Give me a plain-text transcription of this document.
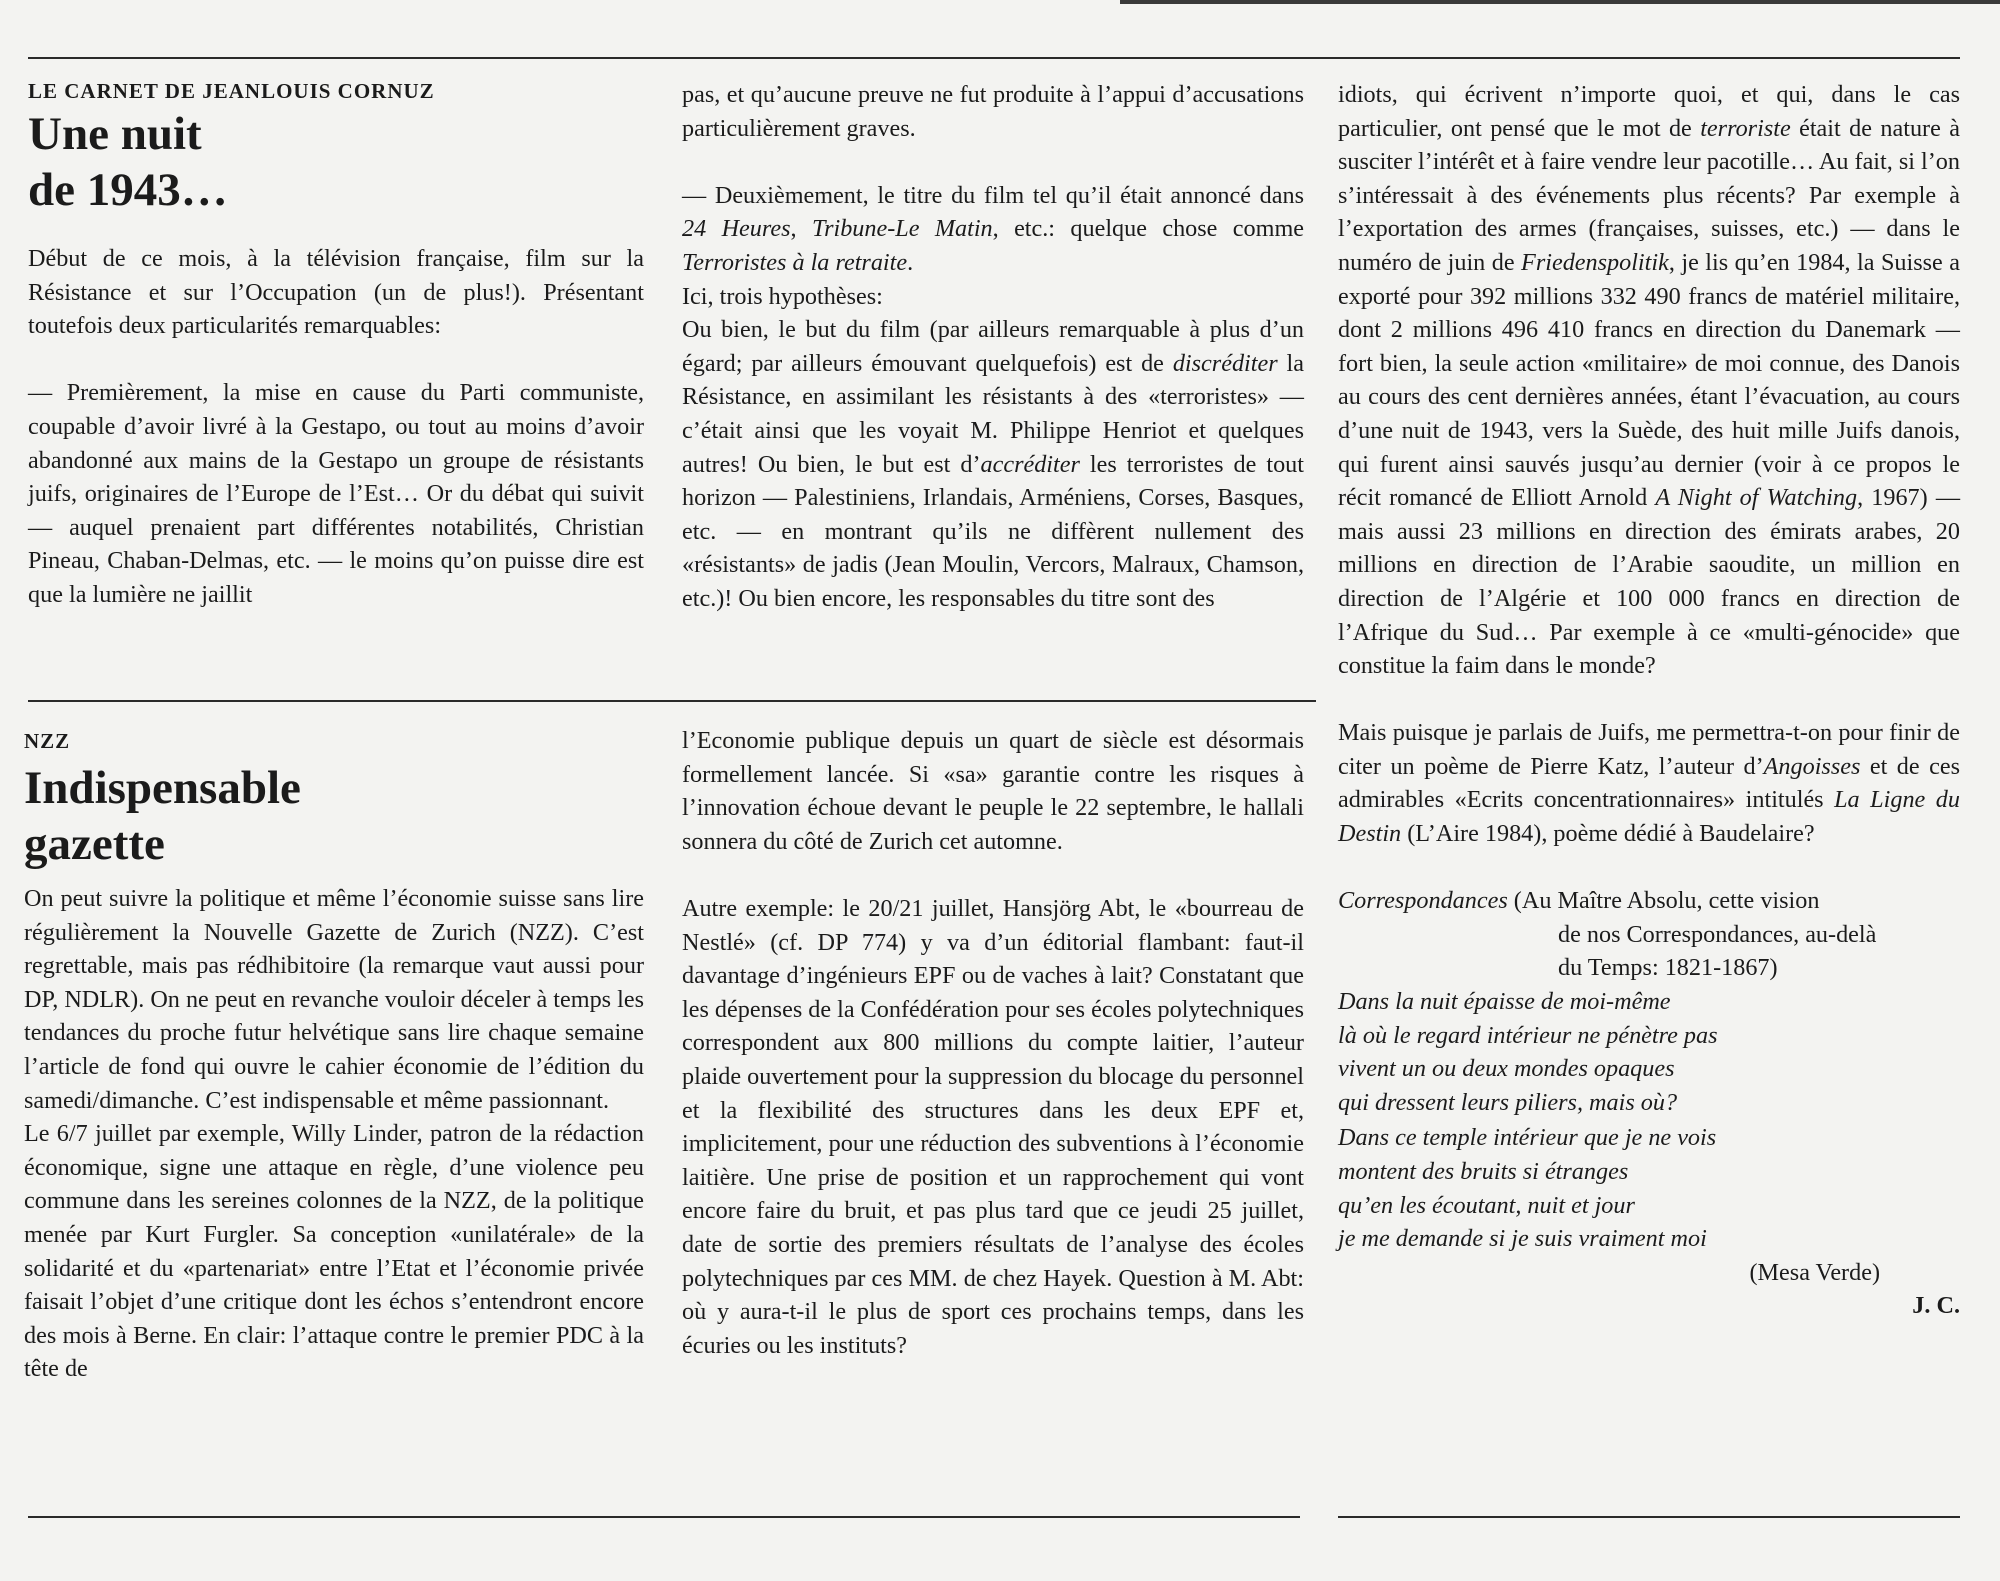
LE CARNET DE JEANLOUIS CORNUZ
Une nuit
de 1943…

Début de ce mois, à la télévision française, film sur la Résistance et sur l’Occupation (un de plus!). Présentant toutefois deux particularités remarquables:

— Premièrement, la mise en cause du Parti communiste, coupable d’avoir livré à la Gestapo, ou tout au moins d’avoir abandonné aux mains de la Gestapo un groupe de résistants juifs, originaires de l’Europe de l’Est… Or du débat qui suivit — auquel prenaient part différentes notabilités, Christian Pineau, Chaban-Delmas, etc. — le moins qu’on puisse dire est que la lumière ne jaillit

pas, et qu’aucune preuve ne fut produite à l’appui d’accusations particulièrement graves.

— Deuxièmement, le titre du film tel qu’il était annoncé dans 24 Heures, Tribune-Le Matin, etc.: quelque chose comme Terroristes à la retraite.

Ici, trois hypothèses:

Ou bien, le but du film (par ailleurs remarquable à plus d’un égard; par ailleurs émouvant quelquefois) est de discréditer la Résistance, en assimilant les résistants à des «terroristes» — c’était ainsi que les voyait M. Philippe Henriot et quelques autres! Ou bien, le but est d’accréditer les terroristes de tout horizon — Palestiniens, Irlandais, Arméniens, Corses, Basques, etc. — en montrant qu’ils ne diffèrent nullement des «résistants» de jadis (Jean Moulin, Vercors, Malraux, Chamson, etc.)! Ou bien encore, les responsables du titre sont des

idiots, qui écrivent n’importe quoi, et qui, dans le cas particulier, ont pensé que le mot de terroriste était de nature à susciter l’intérêt et à faire vendre leur pacotille… Au fait, si l’on s’intéressait à des événements plus récents? Par exemple à l’exportation des armes (françaises, suisses, etc.) — dans le numéro de juin de Friedenspolitik, je lis qu’en 1984, la Suisse a exporté pour 392 millions 332 490 francs de matériel militaire, dont 2 millions 496 410 francs en direction du Danemark — fort bien, la seule action «militaire» de moi connue, des Danois au cours des cent dernières années, étant l’évacuation, au cours d’une nuit de 1943, vers la Suède, des huit mille Juifs danois, qui furent ainsi sauvés jusqu’au dernier (voir à ce propos le récit romancé de Elliott Arnold A Night of Watching, 1967) — mais aussi 23 millions en direction des émirats arabes, 20 millions en direction de l’Arabie saoudite, un million en direction de l’Algérie et 100 000 francs en direction de l’Afrique du Sud… Par exemple à ce «multi-génocide» que constitue la faim dans le monde?

Mais puisque je parlais de Juifs, me permettra-t-on pour finir de citer un poème de Pierre Katz, l’auteur d’Angoisses et de ces admirables «Ecrits concentrationnaires» intitulés La Ligne du Destin (L’Aire 1984), poème dédié à Baudelaire?

Correspondances (Au Maître Absolu, cette vision

de nos Correspondances, au-delà

du Temps: 1821-1867)

Dans la nuit épaisse de moi-même
là où le regard intérieur ne pénètre pas
vivent un ou deux mondes opaques
qui dressent leurs piliers, mais où?
Dans ce temple intérieur que je ne vois
montent des bruits si étranges
qu’en les écoutant, nuit et jour
je me demande si je suis vraiment moi

(Mesa Verde)

J. C.

NZZ
Indispensable
gazette

On peut suivre la politique et même l’économie suisse sans lire régulièrement la Nouvelle Gazette de Zurich (NZZ). C’est regrettable, mais pas rédhibitoire (la remarque vaut aussi pour DP, NDLR). On ne peut en revanche vouloir déceler à temps les tendances du proche futur helvétique sans lire chaque semaine l’article de fond qui ouvre le cahier économie de l’édition du samedi/dimanche. C’est indispensable et même passionnant.

Le 6/7 juillet par exemple, Willy Linder, patron de la rédaction économique, signe une attaque en règle, d’une violence peu commune dans les sereines colonnes de la NZZ, de la politique menée par Kurt Furgler. Sa conception «unilatérale» de la solidarité et du «partenariat» entre l’Etat et l’économie privée faisait l’objet d’une critique dont les échos s’entendront encore des mois à Berne. En clair: l’attaque contre le premier PDC à la tête de

l’Economie publique depuis un quart de siècle est désormais formellement lancée. Si «sa» garantie contre les risques à l’innovation échoue devant le peuple le 22 septembre, le hallali sonnera du côté de Zurich cet automne.

Autre exemple: le 20/21 juillet, Hansjörg Abt, le «bourreau de Nestlé» (cf. DP 774) y va d’un éditorial flambant: faut-il davantage d’ingénieurs EPF ou de vaches à lait? Constatant que les dépenses de la Confédération pour ses écoles polytechniques correspondent aux 800 millions du compte laitier, l’auteur plaide ouvertement pour la suppression du blocage du personnel et la flexibilité des structures dans les deux EPF et, implicitement, pour une réduction des subventions à l’économie laitière. Une prise de position et un rapprochement qui vont encore faire du bruit, et pas plus tard que ce jeudi 25 juillet, date de sortie des premiers résultats de l’analyse des écoles polytechniques par ces MM. de chez Hayek. Question à M. Abt: où y aura-t-il le plus de sport ces prochains temps, dans les écuries ou les instituts?
